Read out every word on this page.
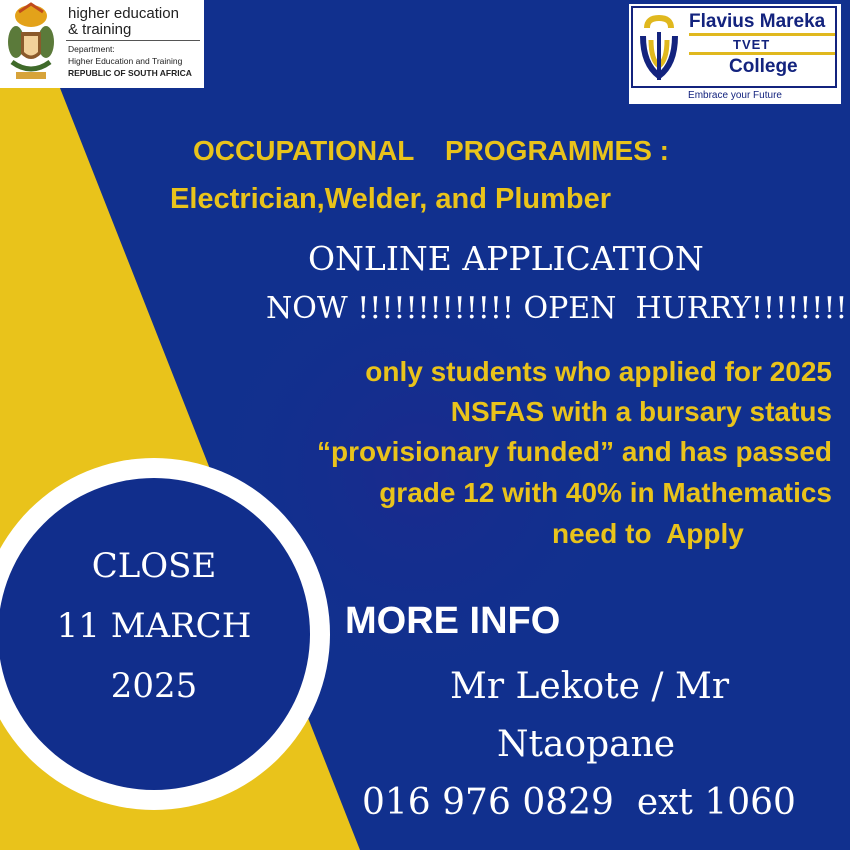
higher education
& training
Department:
Higher Education and Training
REPUBLIC OF SOUTH AFRICA
Flavius Mareka
TVET
College
Embrace your Future
OCCUPATIONAL    PROGRAMMES :
Electrician,Welder, and Plumber
ONLINE APPLICATION
NOW !!!!!!!!!!!!! OPEN  HURRY!!!!!!!!
only students who applied for 2025
NSFAS with a bursary status
“provisionary funded” and has passed
grade 12 with 40% in Mathematics
need to  Apply
CLOSE
11 MARCH
2025
MORE INFO
Mr Lekote / Mr
Ntaopane
016 976 0829  ext 1060
